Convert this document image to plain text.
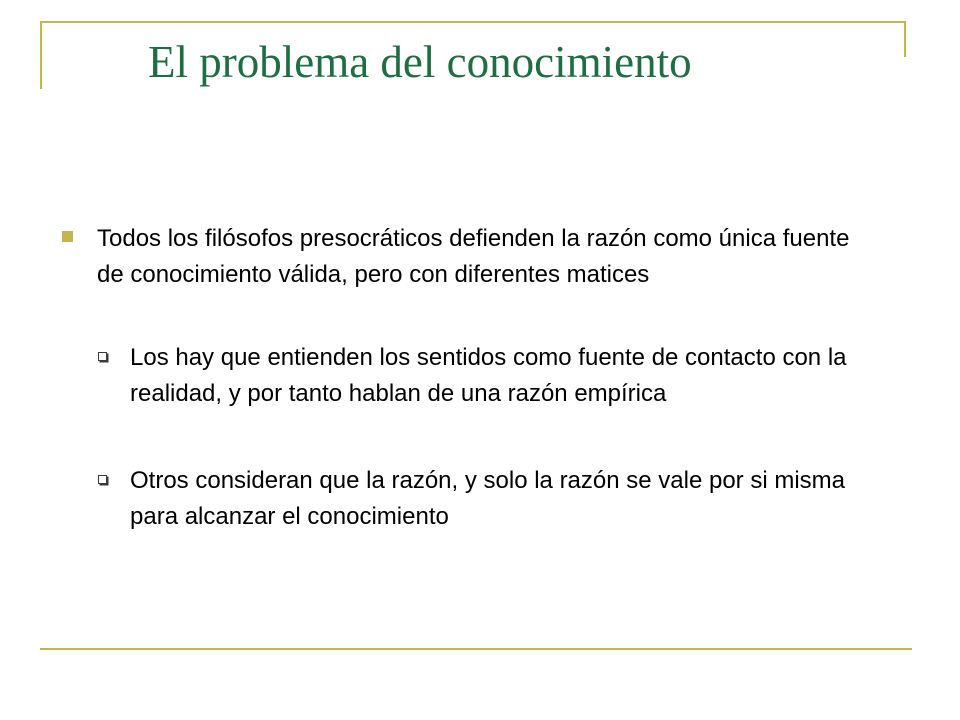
El problema del conocimiento
Todos los filósofos presocráticos defienden la razón como única fuente de conocimiento válida, pero con diferentes matices
Los hay que entienden los sentidos como fuente de contacto con la realidad, y por tanto hablan de una razón empírica
Otros consideran que la razón, y solo la razón se vale por si misma para alcanzar el conocimiento
